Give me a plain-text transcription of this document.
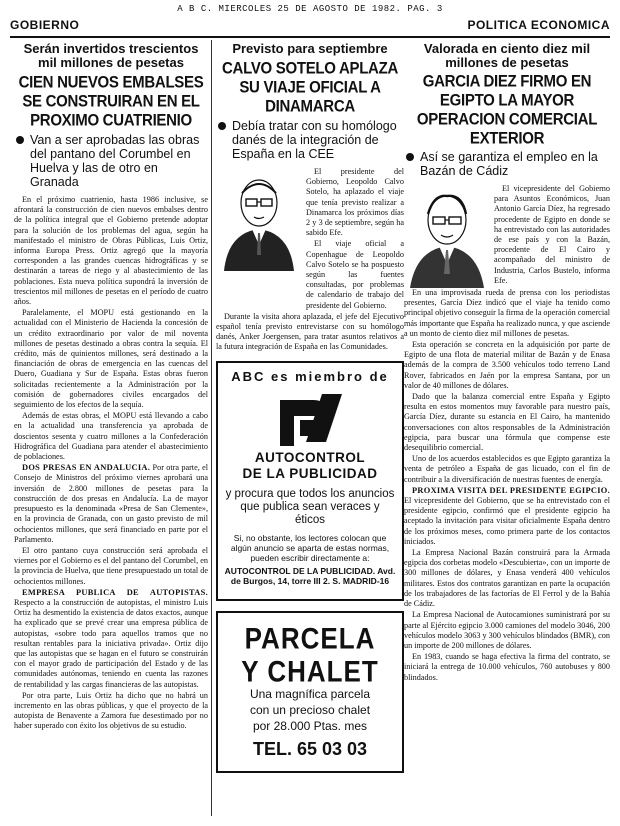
A B C. MIERCOLES 25 DE AGOSTO DE 1982. PAG. 3
GOBIERNO	POLITICA ECONOMICA
Serán invertidos trescientos mil millones de pesetas
CIEN NUEVOS EMBALSES SE CONSTRUIRAN EN EL PROXIMO CUATRIENIO
Van a ser aprobadas las obras del pantano del Corumbel en Huelva y las de otro en Granada

En el próximo cuatrienio, hasta 1986 inclusive, se afrontará la construcción de cien nuevos embalses dentro de la política integral que el Gobierno pretende adoptar para la solución de los problemas del agua, según ha manifestado el ministro de Obras Públicas, Luis Ortiz, informa Europa Press. Ortiz agregó que la mayoría corresponden a las grandes cuencas hidrográficas y se destinarán a tareas de riego y al abastecimiento de las poblaciones. Esta nueva política supondrá la inversión de trescientos mil millones de pesetas en el período de cuatro años.

Paralelamente, el MOPU está gestionando en la actualidad con el Ministerio de Hacienda la concesión de un crédito extraordinario por valor de mil noventa millones de pesetas destinado a obras contra la sequía. El crédito, más de quinientos millones, será destinado a la financiación de obras de emergencia en las cuencas del Duero, Guadiana y Sur de España. Estas obras fueron solicitadas recientemente a la Administración por la comisión de gobernadores civiles encargados del seguimiento de los efectos de la sequía.

Además de estas obras, el MOPU está llevando a cabo en la actualidad una transferencia ya aprobada de doscientos sesenta y cuatro millones a la Confederación Hidrográfica del Guadiana para atender el abastecimiento de poblaciones.

DOS PRESAS EN ANDALUCIA. Por otra parte, el Consejo de Ministros del próximo viernes aprobará una inversión de 2.800 millones de pesetas para la construcción de dos presas en Andalucía. La de mayor presupuesto es la denominada «Presa de San Clemente», en la provincia de Granada, con un gasto previsto de mil ochocientos millones, que será financiado en parte por el Parlamento.

El otro pantano cuya construcción será aprobada el viernes por el Gobierno es el del pantano del Corumbel, en la provincia de Huelva, que tiene presupuestado un total de ochocientos millones.

EMPRESA PUBLICA DE AUTOPISTAS. Respecto a la construcción de autopistas, el ministro Luis Ortiz ha desmentido la existencia de datos exactos, aunque ha explicado que se prevé crear una empresa pública de autopistas, «sobre todo para aquellos tramos que no resultan rentables para la iniciativa privada». Ortiz dijo que las autopistas que se hagan en el futuro se construirán con el mayor grado de participación del Estado y de las comunidades autónomas, teniendo en cuenta las razones de rentabilidad y las cargas financieras de las autopistas.

Por otra parte, Luis Ortiz ha dicho que no habrá un incremento en las obras públicas, y que el proyecto de la autopista de Benavente a Zamora fue desestimado por no haber superado con éxito los objetivos de su estudio.

Previsto para septiembre
CALVO SOTELO APLAZA SU VIAJE OFICIAL A DINAMARCA
Debía tratar con su homólogo danés de la integración de España en la CEE

El presidente del Gobierno, Leopoldo Calvo Sotelo, ha aplazado el viaje que tenía previsto realizar a Dinamarca los próximos días 2 y 3 de septiembre, según ha sabido Efe.

El viaje oficial a Copenhague de Leopoldo Calvo Sotelo se ha pospuesto según las fuentes consultadas, por problemas de calendario de trabajo del presidente del Gobierno.

Durante la visita ahora aplazada, el jefe del Ejecutivo español tenía previsto entrevistarse con su homólogo danés, Anker Joergensen, para tratar asuntos relativos a la futura integración de España en las Comunidades.

ABC es miembro de
AUTOCONTROL
DE LA PUBLICIDAD
y procura que todos los anuncios que publica sean veraces y éticos
Si, no obstante, los lectores colocan que algún anuncio se aparta de estas normas, pueden escribir directamente a:
AUTOCONTROL DE LA PUBLICIDAD. Avd. de Burgos, 14, torre III 2. S. MADRID-16
PARCELA
Y CHALET
Una magnífica parcela
con un precioso chalet
por 28.000 Ptas. mes
TEL. 65 03 03
Valorada en ciento diez mil millones de pesetas
GARCIA DIEZ FIRMO EN EGIPTO LA MAYOR OPERACION COMERCIAL EXTERIOR
Así se garantiza el empleo en la Bazán de Cádiz

El vicepresidente del Gobierno para Asuntos Económicos, Juan Antonio García Díez, ha regresado procedente de Egipto en donde se ha entrevistado con las autoridades de ese país y con la Bazán, procedente de El Cairo y acompañado del ministro de Industria, Carlos Bustelo, informa Efe.

En una improvisada rueda de prensa con los periodistas presentes, García Díez indicó que el viaje ha tenido como principal objetivo conseguir la firma de la operación comercial más importante que España ha realizado nunca, y que asciende a un monto de ciento diez mil millones de pesetas.

Esta operación se concreta en la adquisición por parte de Egipto de una flota de material militar de Bazán y de Enasa además de la compra de 3.500 vehículos todo terreno Land Rover, fabricados en Jaén por la empresa Santana, por un valor de 40 millones de dólares.

Dado que la balanza comercial entre España y Egipto resulta en estos momentos muy favorable para nuestro país, García Díez, durante su estancia en El Cairo, ha mantenido conversaciones con altos responsables de la Administración egipcia, para buscar una fórmula que compense este desequilibrio comercial.

Uno de los acuerdos establecidos es que Egipto garantiza la venta de petróleo a España de gas licuado, con el fin de contribuir a la diversificación de nuestras fuentes de energía.

PROXIMA VISITA DEL PRESIDENTE EGIPCIO. El vicepresidente del Gobierno, que se ha entrevistado con el presidente egipcio, confirmó que el presidente egipcio ha aceptado la invitación para visitar oficialmente España dentro de los próximos meses, como primera parte de los contactos iniciados.

La Empresa Nacional Bazán construirá para la Armada egipcia dos corbetas modelo «Descubierta», con un importe de 300 millones de dólares, y Enasa venderá 400 vehículos militares. Estos dos contratos garantizan en parte la ocupación de los trabajadores de las factorías de El Ferrol y de la Bahía de Cádiz.

La Empresa Nacional de Autocamiones suministrará por su parte al Ejército egipcio 3.000 camiones del modelo 3046, 200 vehículos modelo 3063 y 300 vehículos blindados (BMR), con un importe de 200 millones de dólares.

En 1983, cuando se haga efectiva la firma del contrato, se iniciará la entrega de 10.000 vehículos, 760 autobuses y 800 blindados.
